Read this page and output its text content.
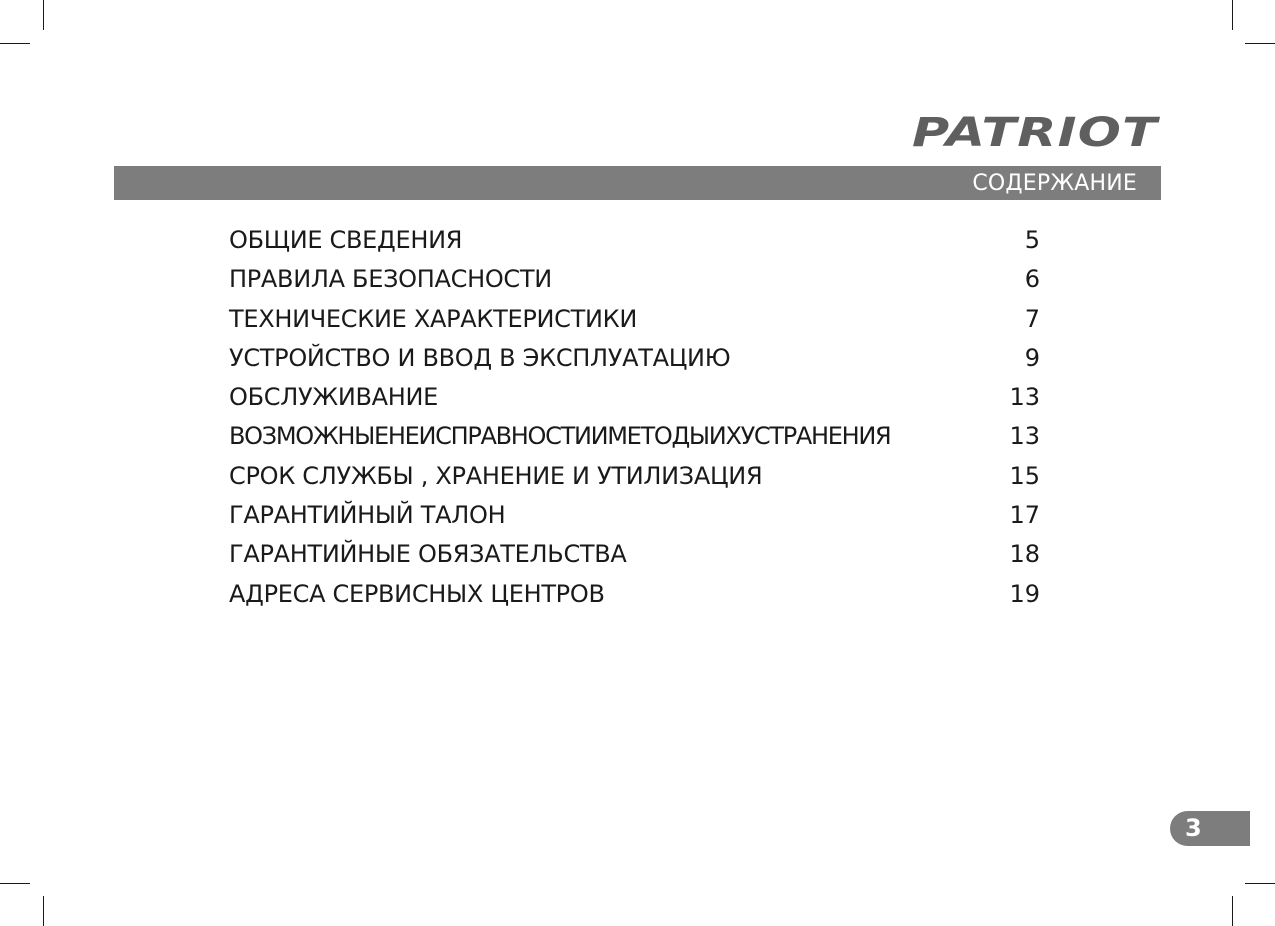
PATRIOT
СОДЕРЖАНИЕ
ОБЩИЕ СВЕДЕНИЯ	5
ПРАВИЛА БЕЗОПАСНОСТИ	6
ТЕХНИЧЕСКИЕ ХАРАКТЕРИСТИКИ	7
УСТРОЙСТВО И ВВОД В ЭКСПЛУАТАЦИЮ	9
ОБСЛУЖИВАНИЕ	13
ВОЗМОЖНЫЕНЕИСПРАВНОСТИИМЕТОДЫИХУСТРАНЕНИЯ	13
СРОК СЛУЖБЫ , ХРАНЕНИЕ И УТИЛИЗАЦИЯ	15
ГАРАНТИЙНЫЙ ТАЛОН	17
ГАРАНТИЙНЫЕ ОБЯЗАТЕЛЬСТВА	18
АДРЕСА СЕРВИСНЫХ ЦЕНТРОВ	19
3
